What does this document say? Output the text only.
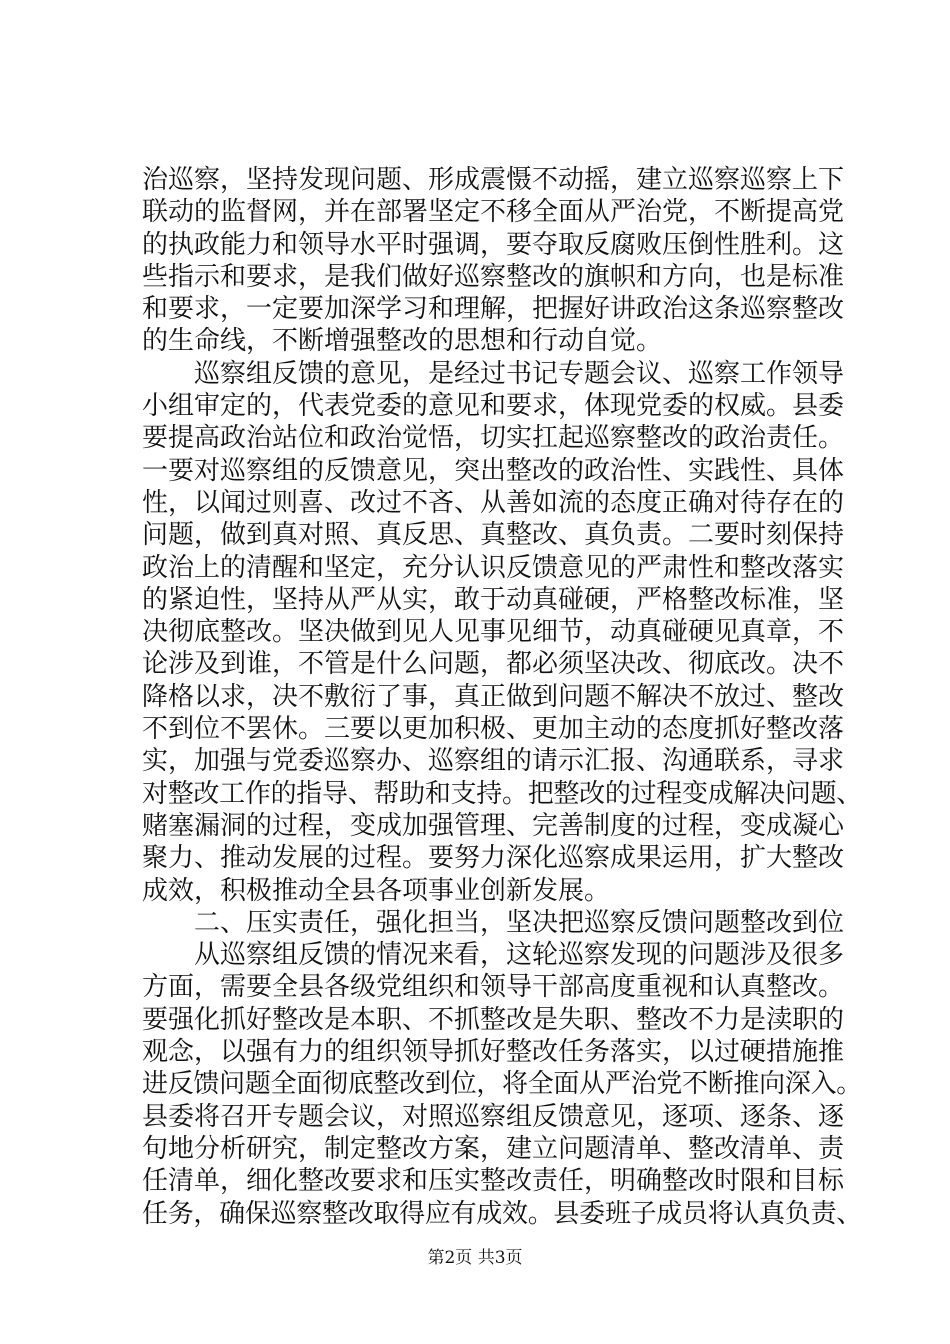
治巡察，坚持发现问题、形成震慑不动摇，建立巡察巡察上下
联动的监督网，并在部署坚定不移全面从严治党，不断提高党
的执政能力和领导水平时强调，要夺取反腐败压倒性胜利。这
些指示和要求，是我们做好巡察整改的旗帜和方向，也是标准
和要求，一定要加深学习和理解，把握好讲政治这条巡察整改
的生命线，不断增强整改的思想和行动自觉。
　　巡察组反馈的意见，是经过书记专题会议、巡察工作领导
小组审定的，代表党委的意见和要求，体现党委的权威。县委
要提高政治站位和政治觉悟，切实扛起巡察整改的政治责任。
一要对巡察组的反馈意见，突出整改的政治性、实践性、具体
性，以闻过则喜、改过不吝、从善如流的态度正确对待存在的
问题，做到真对照、真反思、真整改、真负责。二要时刻保持
政治上的清醒和坚定，充分认识反馈意见的严肃性和整改落实
的紧迫性，坚持从严从实，敢于动真碰硬，严格整改标准，坚
决彻底整改。坚决做到见人见事见细节，动真碰硬见真章，不
论涉及到谁，不管是什么问题，都必须坚决改、彻底改。决不
降格以求，决不敷衍了事，真正做到问题不解决不放过、整改
不到位不罢休。三要以更加积极、更加主动的态度抓好整改落
实，加强与党委巡察办、巡察组的请示汇报、沟通联系，寻求
对整改工作的指导、帮助和支持。把整改的过程变成解决问题、
赌塞漏洞的过程，变成加强管理、完善制度的过程，变成凝心
聚力、推动发展的过程。要努力深化巡察成果运用，扩大整改
成效，积极推动全县各项事业创新发展。
　　二、压实责任，强化担当，坚决把巡察反馈问题整改到位
　　从巡察组反馈的情况来看，这轮巡察发现的问题涉及很多
方面，需要全县各级党组织和领导干部高度重视和认真整改。
要强化抓好整改是本职、不抓整改是失职、整改不力是渎职的
观念，以强有力的组织领导抓好整改任务落实，以过硬措施推
进反馈问题全面彻底整改到位，将全面从严治党不断推向深入。
县委将召开专题会议，对照巡察组反馈意见，逐项、逐条、逐
句地分析研究，制定整改方案，建立问题清单、整改清单、责
任清单，细化整改要求和压实整改责任，明确整改时限和目标
任务，确保巡察整改取得应有成效。县委班子成员将认真负责、
第2页 共3页
